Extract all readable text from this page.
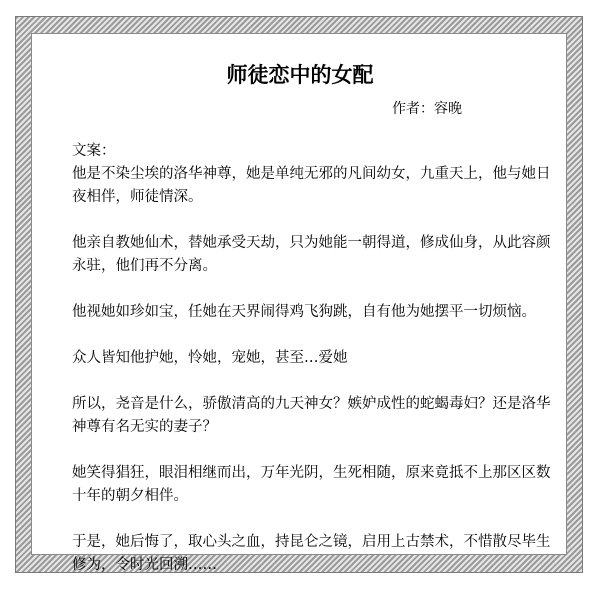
师徒恋中的女配
作者：容晚
文案：

他是不染尘埃的洛华神尊，她是单纯无邪的凡间幼女，九重天上，他与她日夜相伴，师徒情深。

他亲自教她仙术，替她承受天劫，只为她能一朝得道，修成仙身，从此容颜永驻，他们再不分离。

他视她如珍如宝，任她在天界闹得鸡飞狗跳，自有他为她摆平一切烦恼。

众人皆知他护她，怜她，宠她，甚至…爱她

所以，尧音是什么，骄傲清高的九天神女？嫉妒成性的蛇蝎毒妇？还是洛华神尊有名无实的妻子？

她笑得猖狂，眼泪相继而出，万年光阴，生死相随，原来竟抵不上那区区数十年的朝夕相伴。

于是，她后悔了，取心头之血，持昆仑之镜，启用上古禁术，不惜散尽毕生修为，令时光回溯……
